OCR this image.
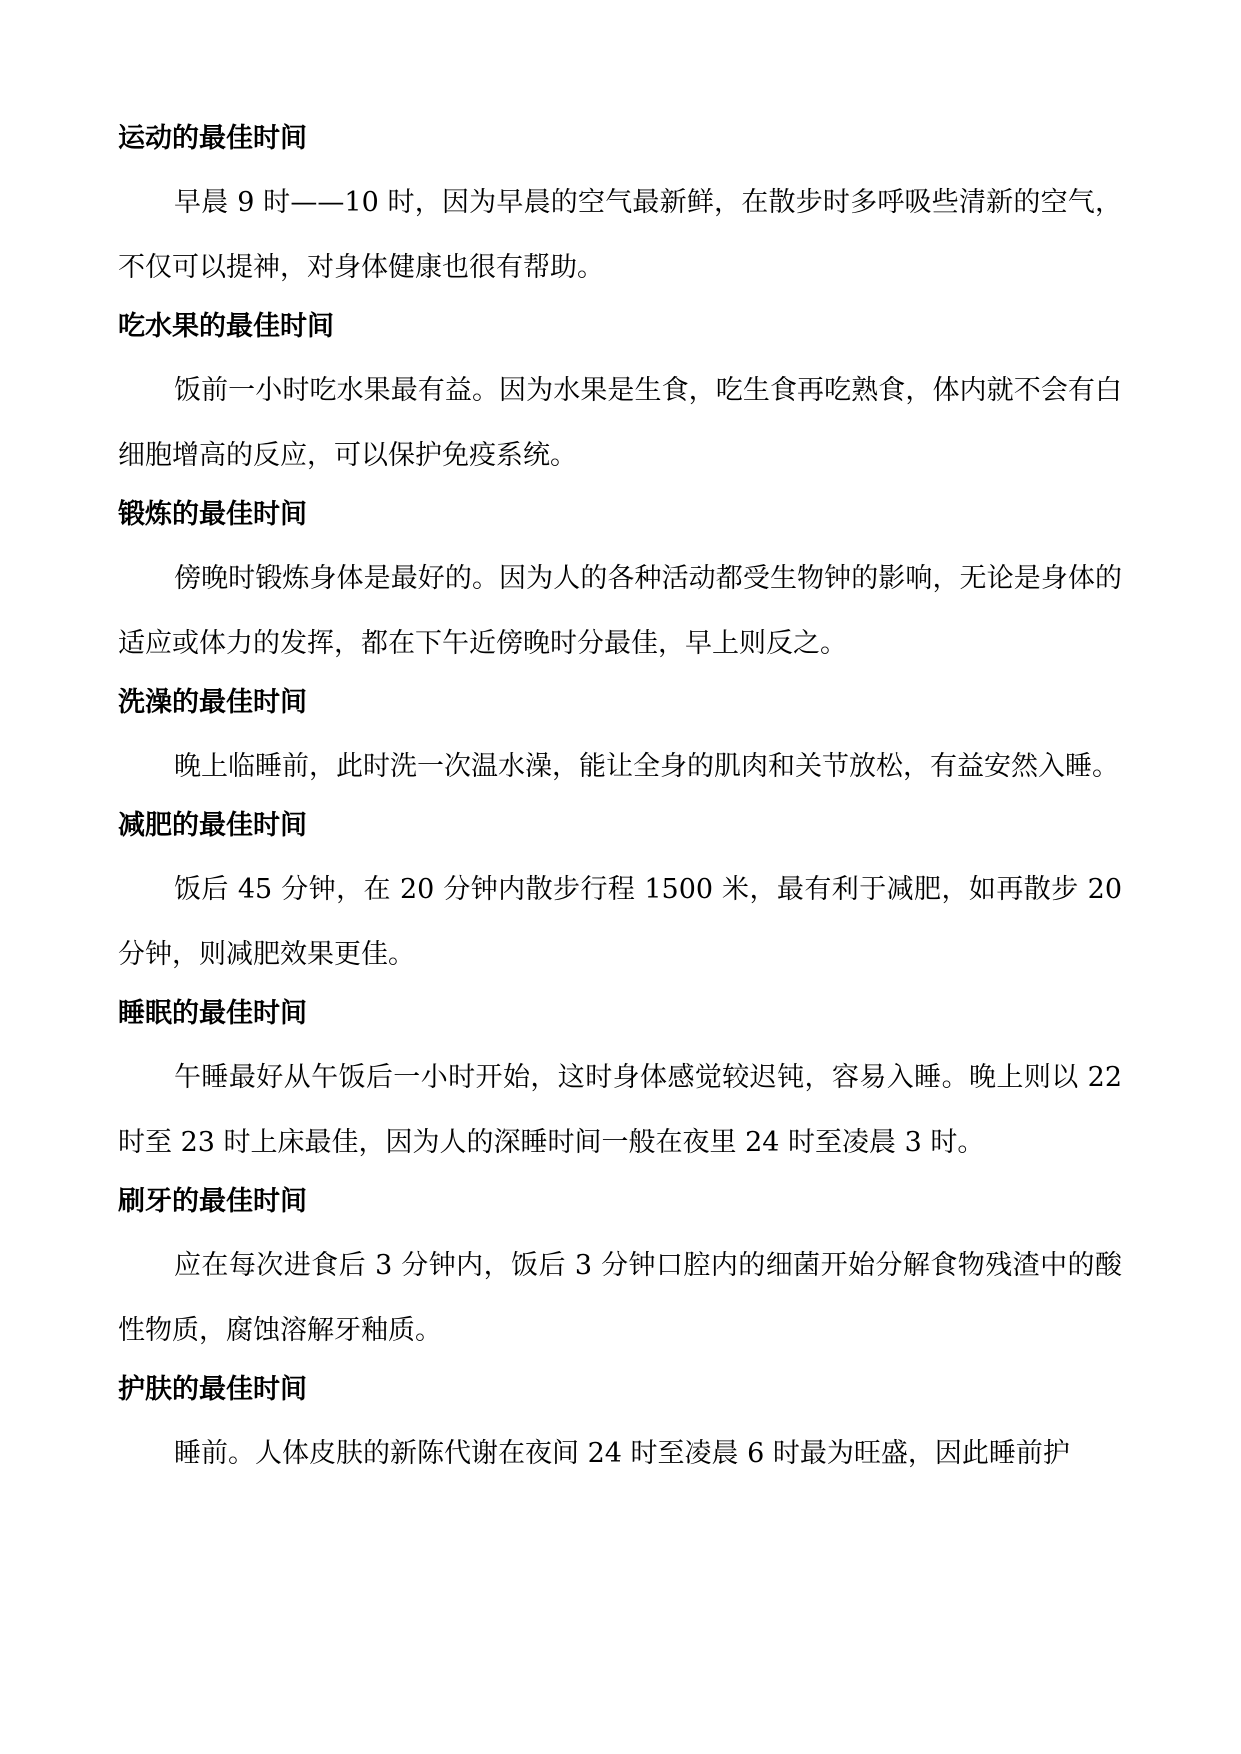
运动的最佳时间

早晨 9 时——10 时，因为早晨的空气最新鲜，在散步时多呼吸些清新的空气，不仅可以提神，对身体健康也很有帮助。

吃水果的最佳时间

饭前一小时吃水果最有益。因为水果是生食，吃生食再吃熟食，体内就不会有白细胞增高的反应，可以保护免疫系统。

锻炼的最佳时间

傍晚时锻炼身体是最好的。因为人的各种活动都受生物钟的影响，无论是身体的适应或体力的发挥，都在下午近傍晚时分最佳，早上则反之。

洗澡的最佳时间

晚上临睡前，此时洗一次温水澡，能让全身的肌肉和关节放松，有益安然入睡。

减肥的最佳时间

饭后 45 分钟，在 20 分钟内散步行程 1500 米，最有利于减肥，如再散步 20 分钟，则减肥效果更佳。

睡眠的最佳时间

午睡最好从午饭后一小时开始，这时身体感觉较迟钝，容易入睡。晚上则以 22 时至 23 时上床最佳，因为人的深睡时间一般在夜里 24 时至凌晨 3 时。

刷牙的最佳时间

应在每次进食后 3 分钟内，饭后 3 分钟口腔内的细菌开始分解食物残渣中的酸性物质，腐蚀溶解牙釉质。

护肤的最佳时间

睡前。人体皮肤的新陈代谢在夜间 24 时至凌晨 6 时最为旺盛，因此睡前护
